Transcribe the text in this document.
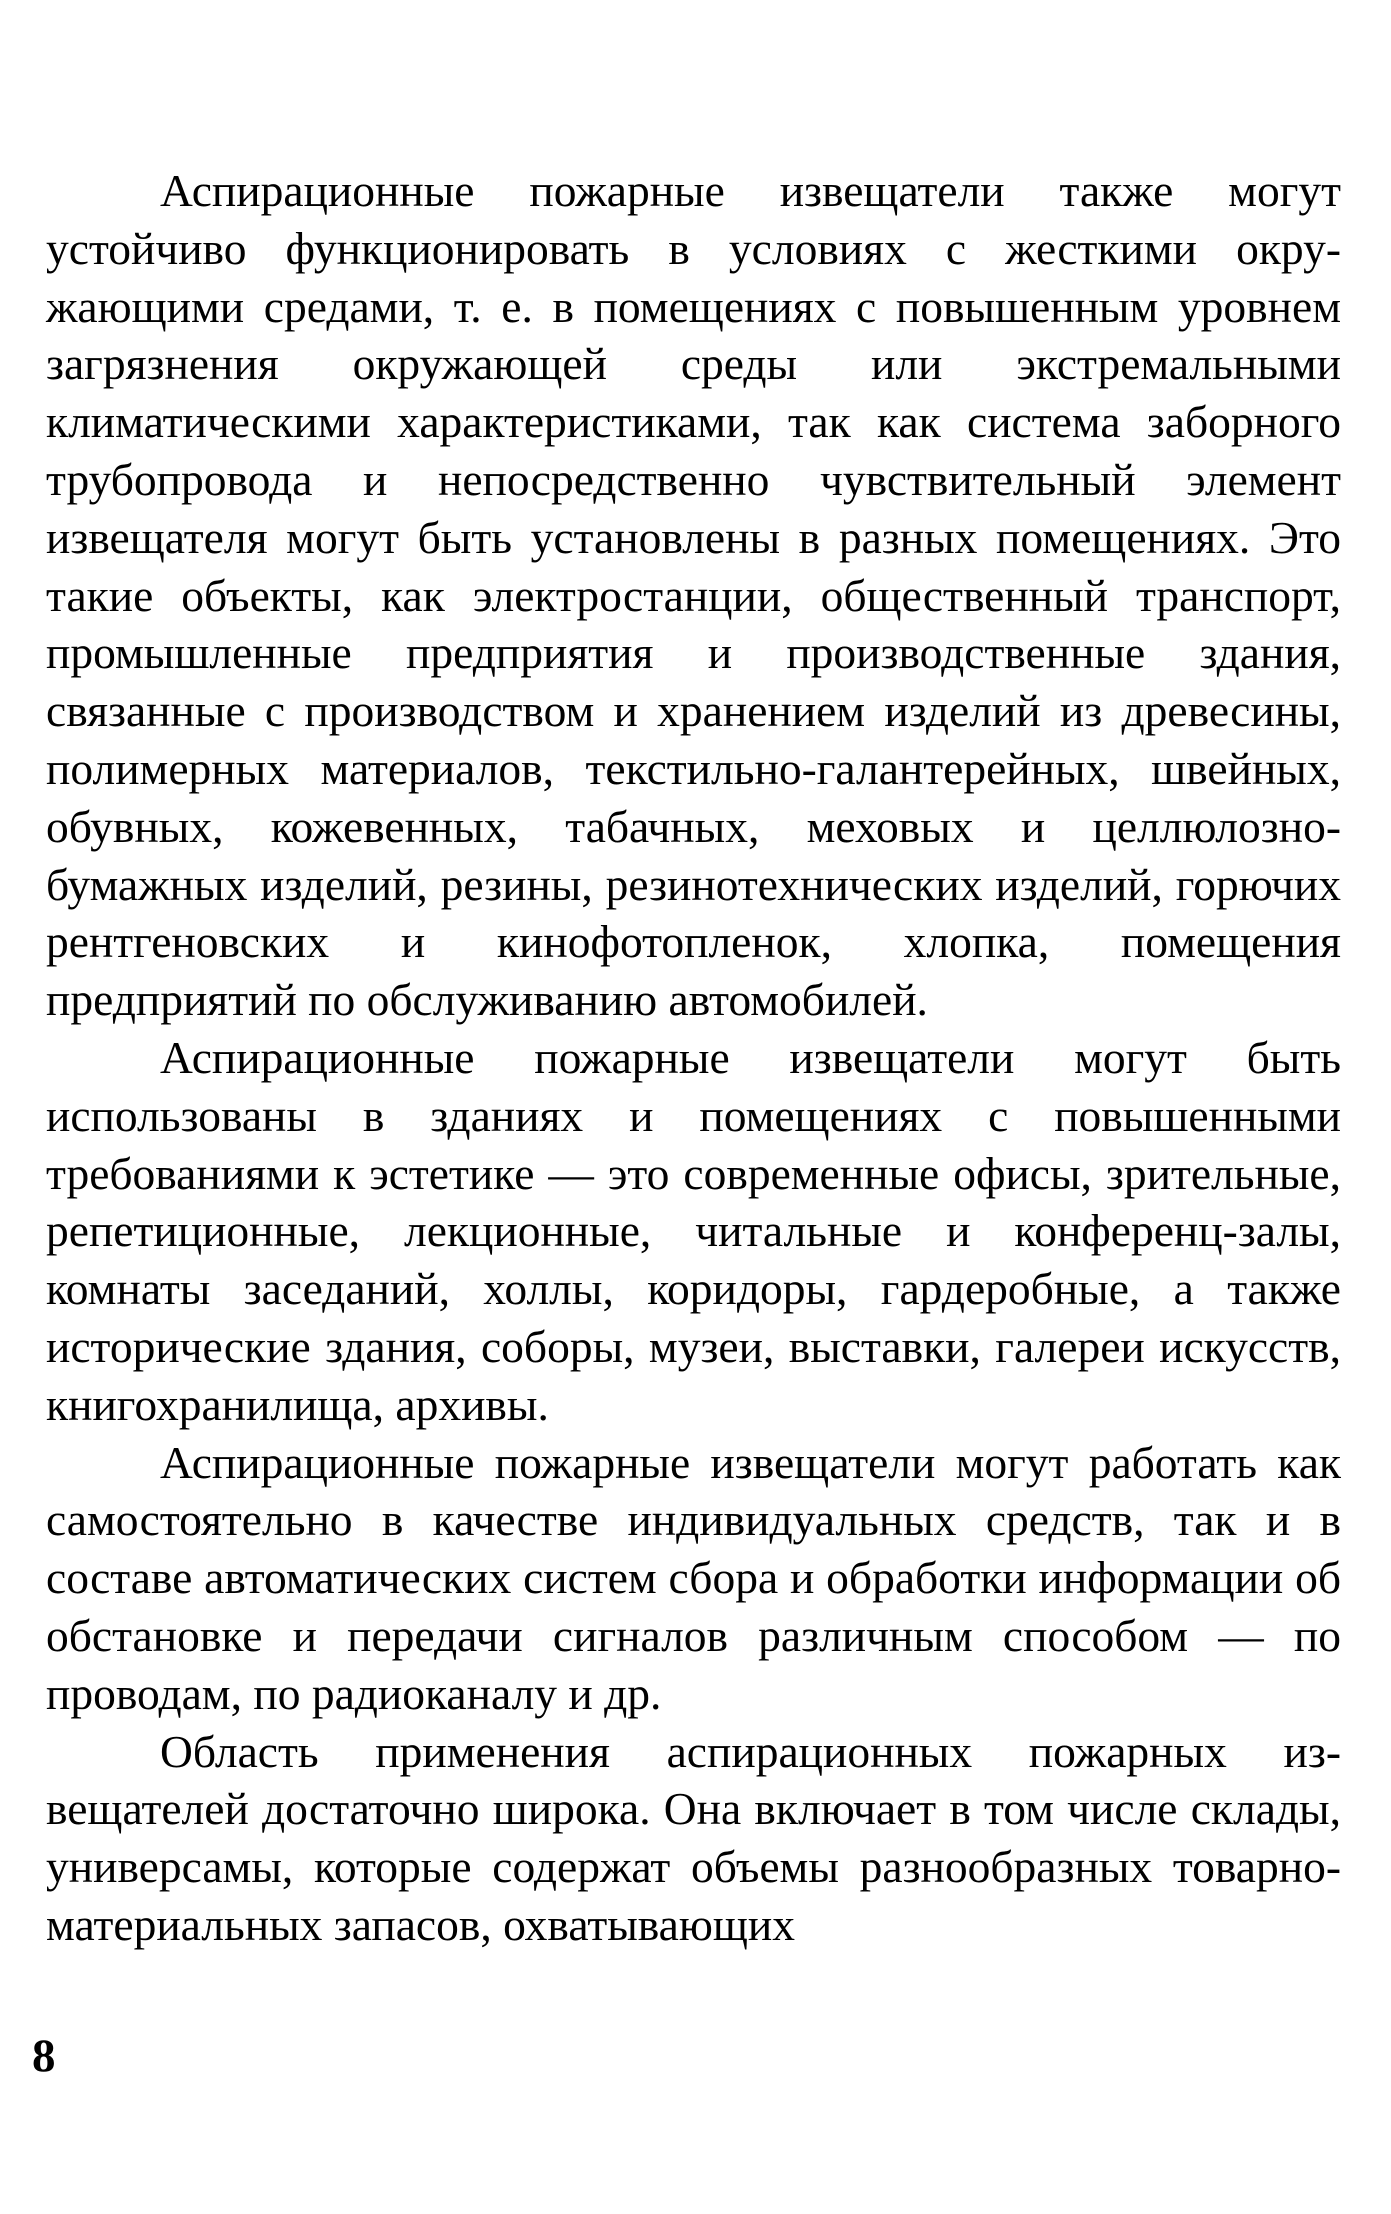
Аспирационные пожарные извещатели также могут устойчиво функционировать в условиях с жесткими окружающими средами, т. е. в помещениях с повышенным уровнем загрязнения окружающей среды или экстремальными климатическими характеристиками, так как система заборного трубопровода и непосредственно чувствительный элемент извещателя могут быть установлены в разных помещениях. Это такие объекты, как электростанции, общественный транспорт, промышленные предприятия и производственные здания, связанные с производством и хранением изделий из древесины, полимерных материалов, текстильно-галантерейных, швейных, обувных, кожевенных, табачных, меховых и целлюлозно-бумажных изделий, резины, резинотехнических изделий, горючих рентгеновских и кинофотопленок, хлопка, помещения предприятий по обслуживанию автомобилей.

Аспирационные пожарные извещатели могут быть использованы в зданиях и помещениях с повышенными требованиями к эстетике — это современные офисы, зрительные, репетиционные, лекционные, читальные и конференц-залы, комнаты заседаний, холлы, коридоры, гардеробные, а также исторические здания, соборы, музеи, выставки, галереи искусств, книгохранилища, архивы.

Аспирационные пожарные извещатели могут работать как самостоятельно в качестве индивидуальных средств, так и в составе автоматических систем сбора и обработки информации об обстановке и передачи сигналов различным способом — по проводам, по радиоканалу и др.

Область применения аспирационных пожарных извещателей достаточно широка. Она включает в том числе склады, универсамы, которые содержат объемы разнообразных товарно-материальных запасов, охватывающих

8
